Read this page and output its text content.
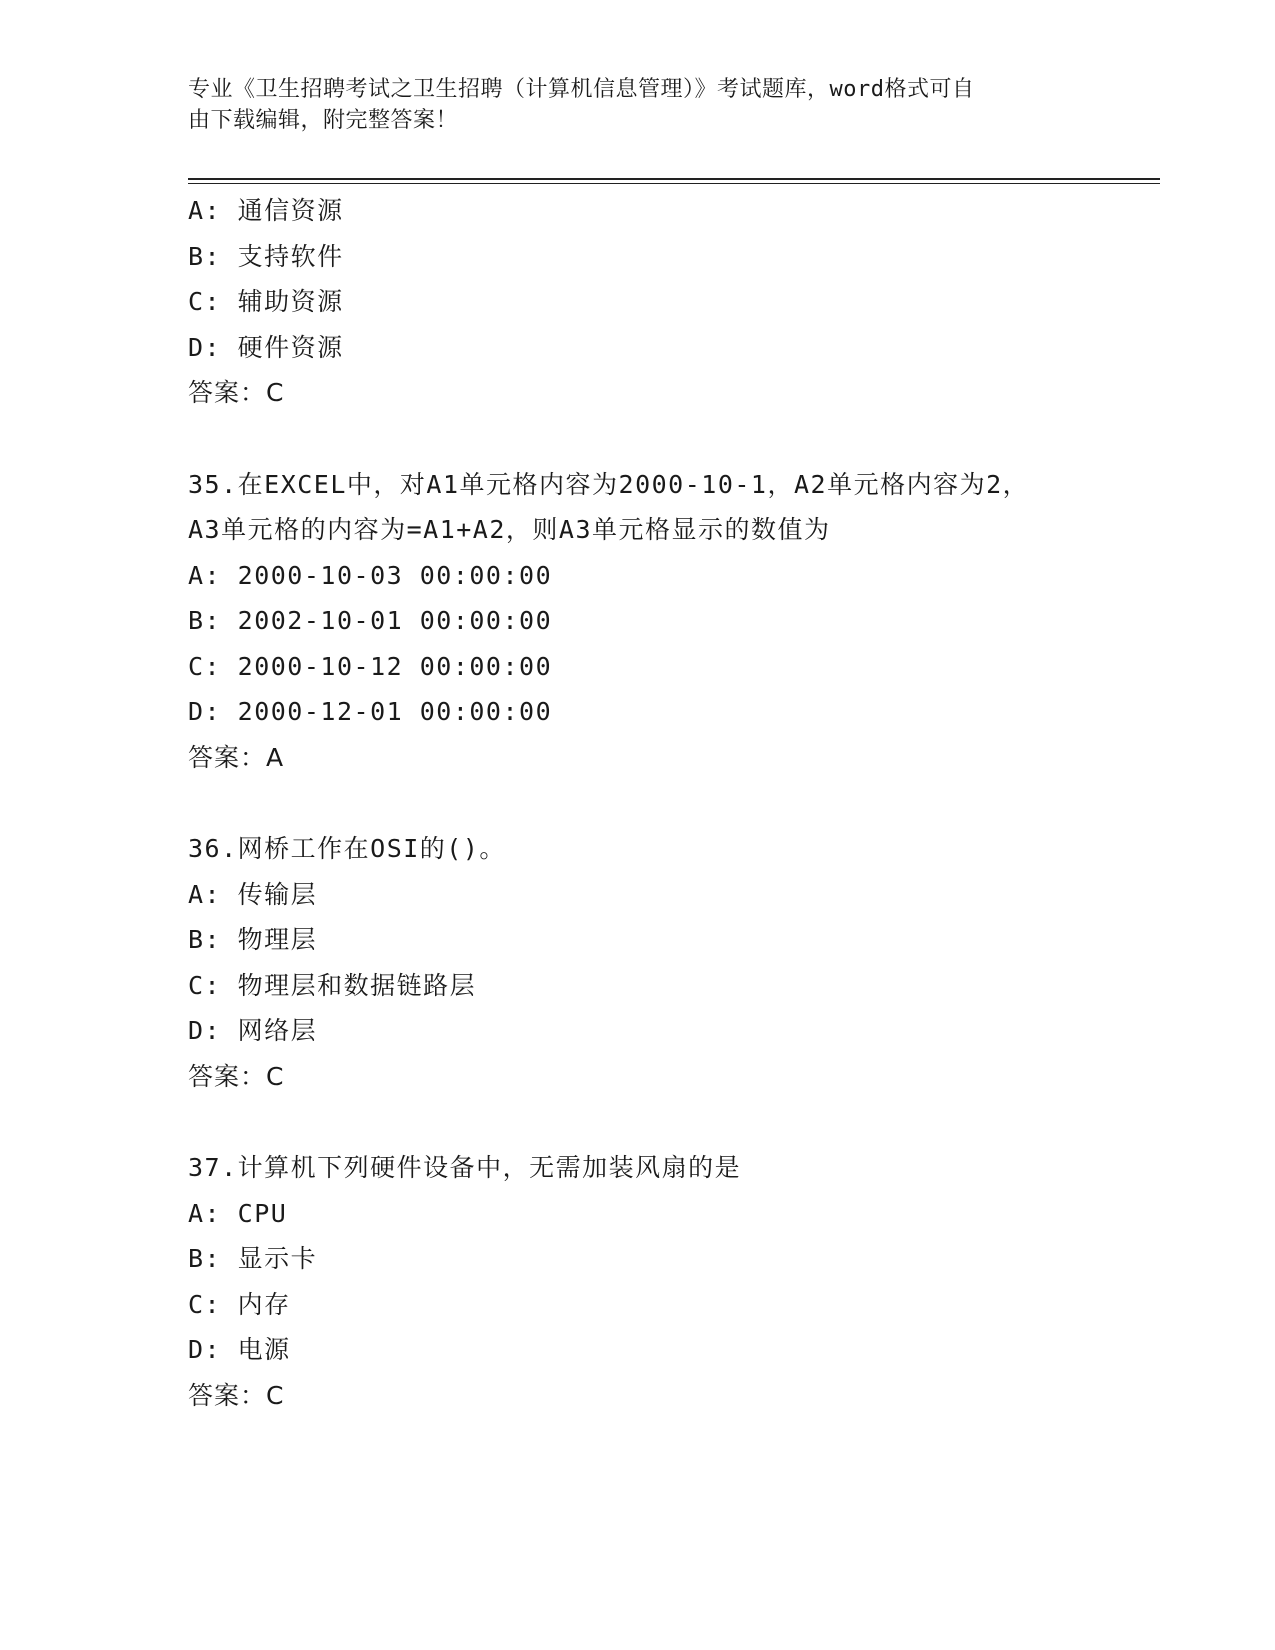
专业《卫生招聘考试之卫生招聘（计算机信息管理）》考试题库，word格式可自
由下载编辑，附完整答案！
A: 通信资源
B: 支持软件
C: 辅助资源
D: 硬件资源
答案：C
35.在EXCEL中，对A1单元格内容为2000-10-1，A2单元格内容为2，
A3单元格的内容为=A1+A2，则A3单元格显示的数值为
A: 2000-10-03 00:00:00
B: 2002-10-01 00:00:00
C: 2000-10-12 00:00:00
D: 2000-12-01 00:00:00
答案：A
36.网桥工作在OSI的()。
A: 传输层
B: 物理层
C: 物理层和数据链路层
D: 网络层
答案：C
37.计算机下列硬件设备中，无需加装风扇的是
A: CPU
B: 显示卡
C: 内存
D: 电源
答案：C
